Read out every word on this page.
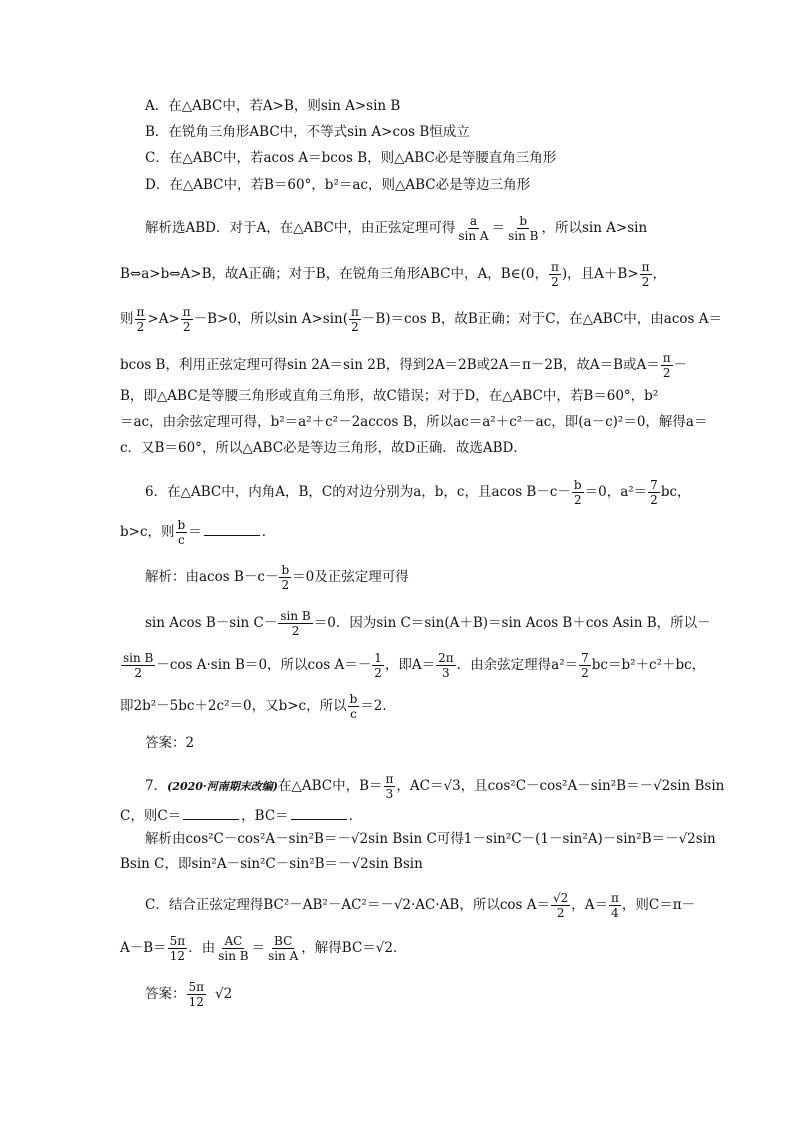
A．在△ABC中，若A>B，则sin A>sin B
B．在锐角三角形ABC中，不等式sin A>cos B恒成立
C．在△ABC中，若acos A＝bcos B，则△ABC必是等腰直角三角形
D．在△ABC中，若B＝60°，b²＝ac，则△ABC必是等边三角形
解析选ABD．对于A，在△ABC中，由正弦定理可得 $\frac{a}{\text{sin A}} = \frac{b}{\text{sin B}}$ ，所以sin A>sin
B⇔a>b⇔A>B，故A正确；对于B，在锐角三角形ABC中，A，B∈(0， $\frac{\pi}{2}$ )，且$A+B> \frac{\pi}{2}$ ，
则 $\frac{\pi}{2} >A> \frac{\pi}{2} -B>0$，所以$\sin A>\sin( \frac{\pi}{2} -B)=\cos$ B，故B正确；对于C，在△ABC中，由acos A＝
bcos B，利用正弦定理可得sin 2A＝sin 2B，得到2A＝2B或2A＝π－2B，故A＝B或$A= \frac{\pi}{2}$ －
B，即△ABC是等腰三角形或直角三角形，故C错误；对于D，在△ABC中，若B＝60°，b²
＝ac，由余弦定理可得，b²＝a²＋c²－2accos B，所以ac＝a²＋c²－ac，即(a－c)²＝0，解得a＝
c．又B＝60°，所以△ABC必是等边三角形，故D正确．故选ABD．
6．在△ABC中，内角A，B，C的对边分别为a，b，c，且acos $B-c- \frac{b}{2} =0$，$a^2= \frac{7}{2}$ bc，
b>c，则 $\frac{b}{c}$ ＝	．
解析：由acos $B-c- \frac{b}{2} =0$及正弦定理可得
sin Acos B－sin $C- \frac{\text{sin B}}{2} =0$．因为sin C＝sin(A＋B)＝sin Acos B＋cos Asin B，所以－
$\frac{\text{sin B}}{2} -\cos$ A·sin B＝0，所以$\cos A=- \frac{1}{2}$ ，即$A= \frac{2\pi}{3}$ ．由余弦定理得$a^2= \frac{7}{2} bc=b^2+c^2+bc$，
即2b²－5bc＋2c²＝0，又b>c，所以 $\frac{b}{c} =2$．
答案：2
7．(2020·河南期末改编)在△ABC中，$B= \frac{\pi}{3}$ ，AC＝√3，且cos²C－cos²A－sin²B＝－√2sin Bsin
C，则C＝	，BC＝	．
解析由cos²C－cos²A－sin²B＝－√2sin Bsin C可得1－sin²C－(1－sin²A)－sin²B＝－√2sin
Bsin C，即sin²A－sin²C－sin²B＝－√2sin Bsin
C．结合正弦定理得BC²－AB²－AC²＝－√2·AC·AB，所以$\cos A= \frac{√2}{2}$ ，$A= \frac{\pi}{4}$ ，则C＝π－
$A-B= \frac{5\pi}{12}$ ．由 $\frac{AC}{\text{sin B}} = \frac{BC}{\text{sin A}}$ ，解得BC＝√2．
答案： $\frac{5\pi}{12} √2$
